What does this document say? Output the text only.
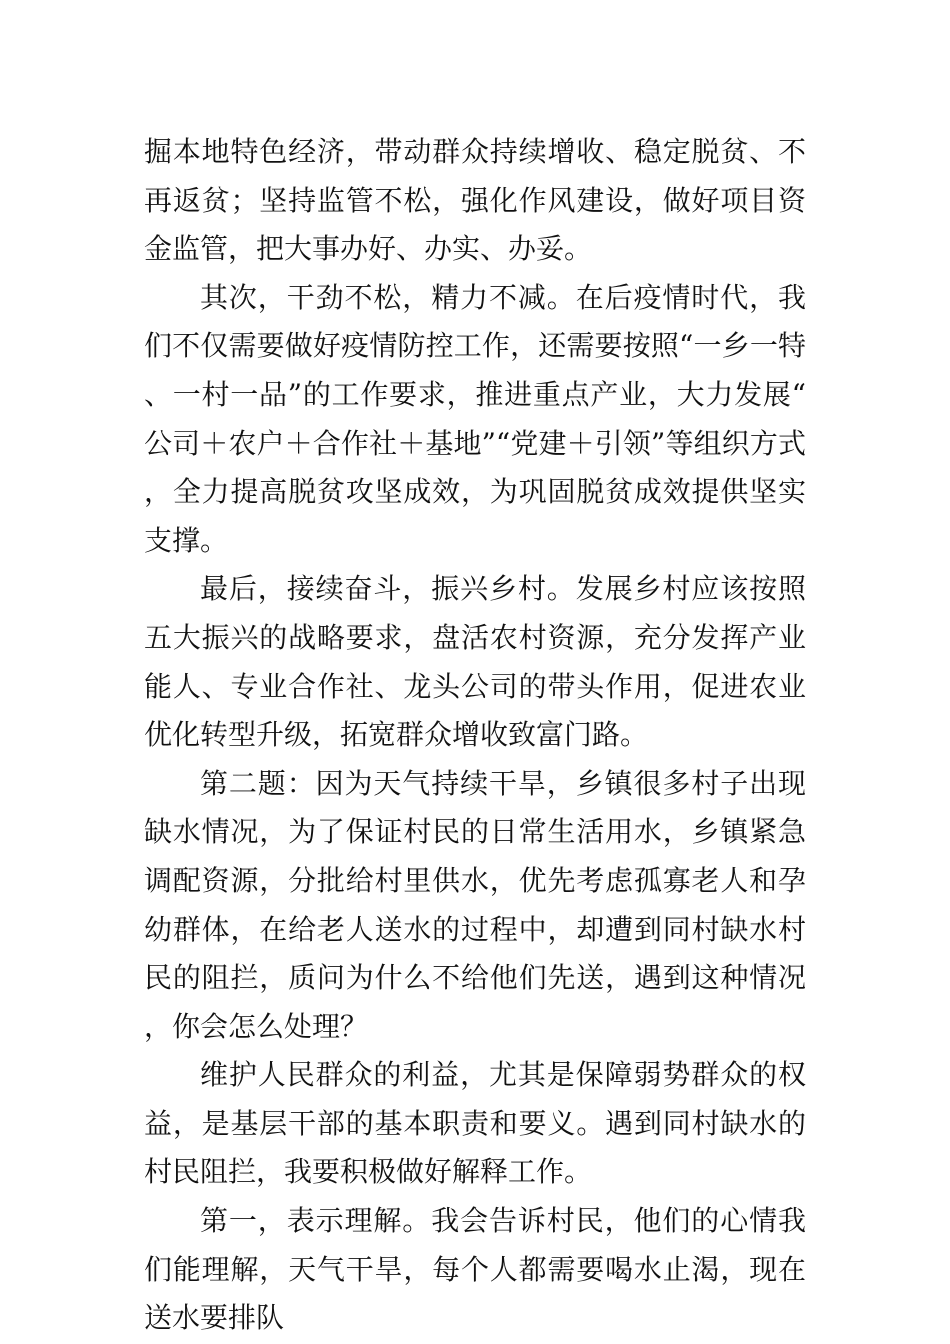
掘本地特色经济，带动群众持续增收、稳定脱贫、不再返贫；坚持监管不松，强化作风建设，做好项目资金监管，把大事办好、办实、办妥。

其次，干劲不松，精力不减。在后疫情时代，我们不仅需要做好疫情防控工作，还需要按照“一乡一特、一村一品”的工作要求，推进重点产业，大力发展“公司＋农户＋合作社＋基地”“党建＋引领”等组织方式，全力提高脱贫攻坚成效，为巩固脱贫成效提供坚实支撑。

最后，接续奋斗，振兴乡村。发展乡村应该按照五大振兴的战略要求，盘活农村资源，充分发挥产业能人、专业合作社、龙头公司的带头作用，促进农业优化转型升级，拓宽群众增收致富门路。

第二题：因为天气持续干旱，乡镇很多村子出现缺水情况，为了保证村民的日常生活用水，乡镇紧急调配资源，分批给村里供水，优先考虑孤寡老人和孕幼群体，在给老人送水的过程中，却遭到同村缺水村民的阻拦，质问为什么不给他们先送，遇到这种情况，你会怎么处理？

维护人民群众的利益，尤其是保障弱势群众的权益，是基层干部的基本职责和要义。遇到同村缺水的村民阻拦，我要积极做好解释工作。

第一，表示理解。我会告诉村民，他们的心情我们能理解，天气干旱，每个人都需要喝水止渴，现在送水要排队
